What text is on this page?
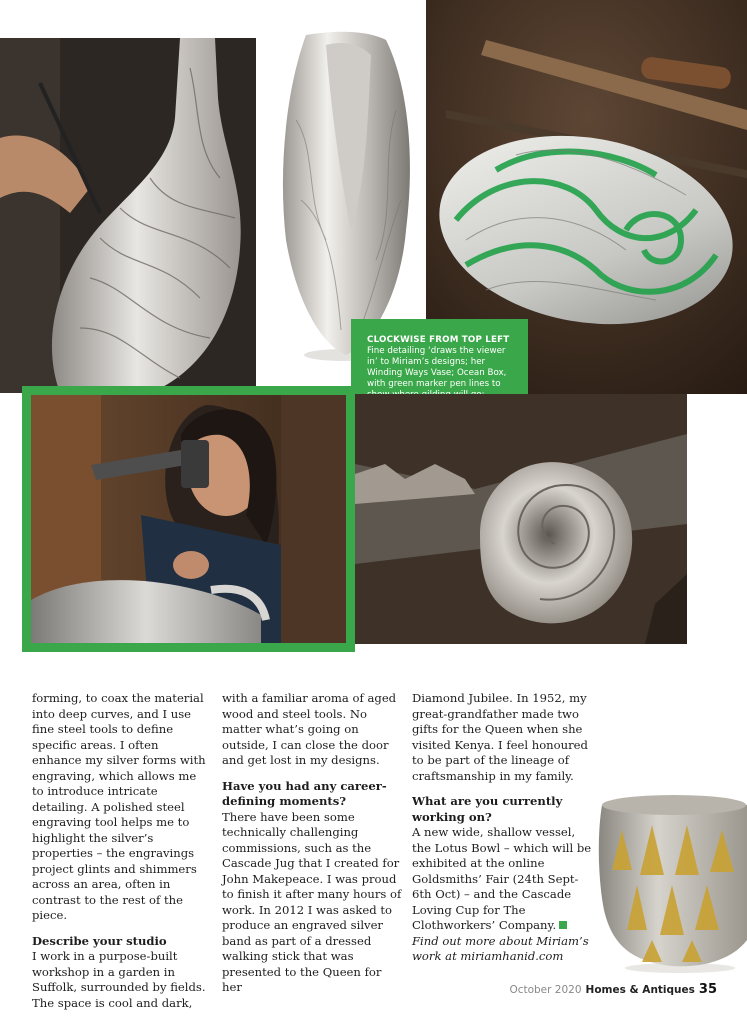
CLOCKWISE FROM TOP LEFT Fine detailing ‘draws the viewer in’ to Miriam’s designs; her Winding Ways Vase; Ocean Box, with green marker pen lines to

forming, to coax the material into deep curves, and I use fine steel tools to define specific areas. I often enhance my silver forms with engraving, which allows me to introduce intricate detailing. A polished steel engraving tool helps me to highlight the silver’s properties – the engravings project glints and shimmers across an area, often in contrast to the rest of the piece.

Describe your studio

I work in a purpose-built workshop in a garden in Suffolk, surrounded by fields. The space is cool and dark,

with a familiar aroma of aged wood and steel tools. No matter what’s going on outside, I can close the door and get lost in my designs.

Have you had any career-defining moments?

There have been some technically challenging commissions, such as the Cascade Jug that I created for John Makepeace. I was proud to finish it after many hours of work. In 2012 I was asked to produce an engraved silver band as part of a dressed walking stick that was presented to the Queen for her

Diamond Jubilee. In 1952, my great-grandfather made two gifts for the Queen when she visited Kenya. I feel honoured to be part of the lineage of craftsmanship in my family.

What are you currently working on?

A new wide, shallow vessel, the Lotus Bowl – which will be exhibited at the online Goldsmiths’ Fair (24th Sept-6th Oct) – and the Cascade Loving Cup for The Clothworkers’ Company.

Find out more about Miriam’s work at miriamhanid.com

October 2020 Homes & Antiques 35
